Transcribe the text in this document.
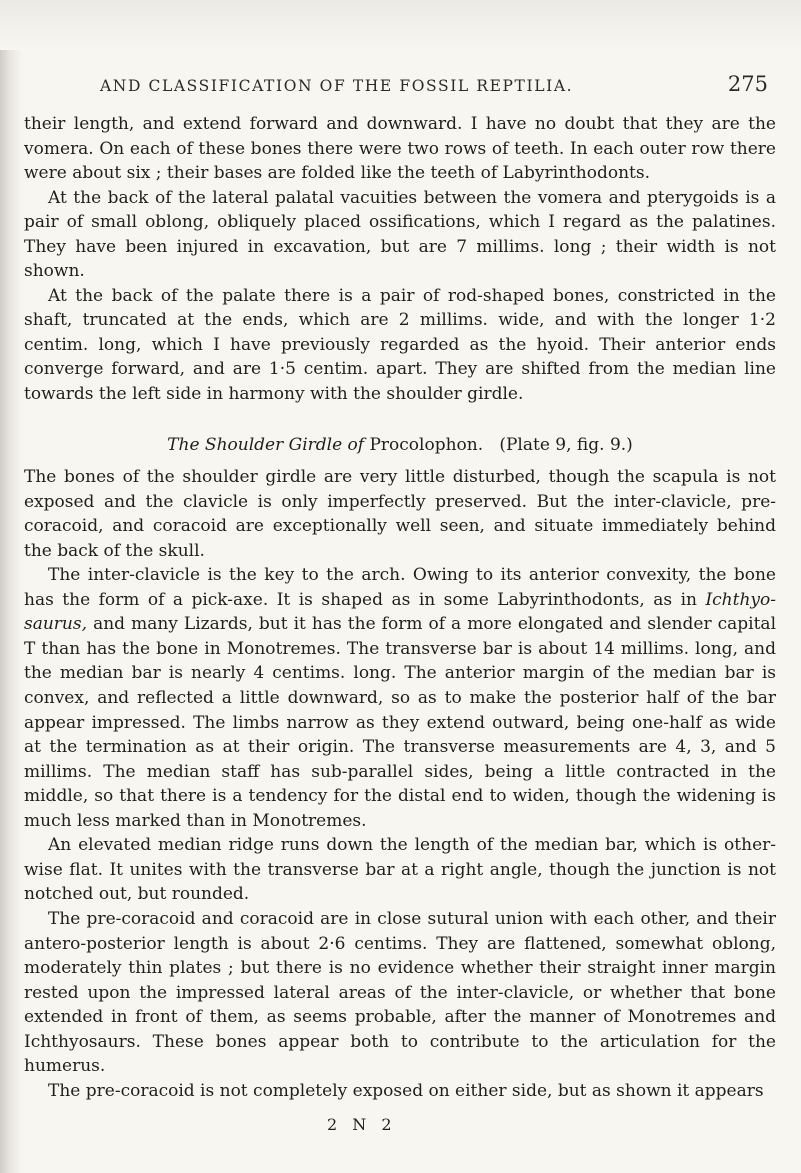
AND CLASSIFICATION OF THE FOSSIL REPTILIA.	275

their length, and extend forward and downward. I have no doubt that they are the vomera. On each of these bones there were two rows of teeth. In each outer row there were about six ; their bases are folded like the teeth of Labyrinthodonts.

At the back of the lateral palatal vacuities between the vomera and pterygoids is a pair of small oblong, obliquely placed ossifications, which I regard as the palatines. They have been injured in excavation, but are 7 millims. long ; their width is not shown.

At the back of the palate there is a pair of rod-shaped bones, constricted in the shaft, truncated at the ends, which are 2 millims. wide, and with the longer 1·2 centim. long, which I have previously regarded as the hyoid. Their anterior ends converge forward, and are 1·5 centim. apart. They are shifted from the median line towards the left side in harmony with the shoulder girdle.

The Shoulder Girdle of Procolophon. (Plate 9, fig. 9.)

The bones of the shoulder girdle are very little disturbed, though the scapula is not exposed and the clavicle is only imperfectly preserved. But the inter-clavicle, pre-coracoid, and coracoid are exceptionally well seen, and situate immediately behind the back of the skull.

The inter-clavicle is the key to the arch. Owing to its anterior convexity, the bone has the form of a pick-axe. It is shaped as in some Labyrinthodonts, as in Ichthyo-saurus, and many Lizards, but it has the form of a more elongated and slender capital T than has the bone in Monotremes. The transverse bar is about 14 millims. long, and the median bar is nearly 4 centims. long. The anterior margin of the median bar is convex, and reflected a little downward, so as to make the posterior half of the bar appear impressed. The limbs narrow as they extend outward, being one-half as wide at the termination as at their origin. The transverse measurements are 4, 3, and 5 millims. The median staff has sub-parallel sides, being a little contracted in the middle, so that there is a tendency for the distal end to widen, though the widening is much less marked than in Monotremes.

An elevated median ridge runs down the length of the median bar, which is other-wise flat. It unites with the transverse bar at a right angle, though the junction is not notched out, but rounded.

The pre-coracoid and coracoid are in close sutural union with each other, and their antero-posterior length is about 2·6 centims. They are flattened, somewhat oblong, moderately thin plates ; but there is no evidence whether their straight inner margin rested upon the impressed lateral areas of the inter-clavicle, or whether that bone extended in front of them, as seems probable, after the manner of Monotremes and Ichthyosaurs. These bones appear both to contribute to the articulation for the humerus.

The pre-coracoid is not completely exposed on either side, but as shown it appears

2 N 2
